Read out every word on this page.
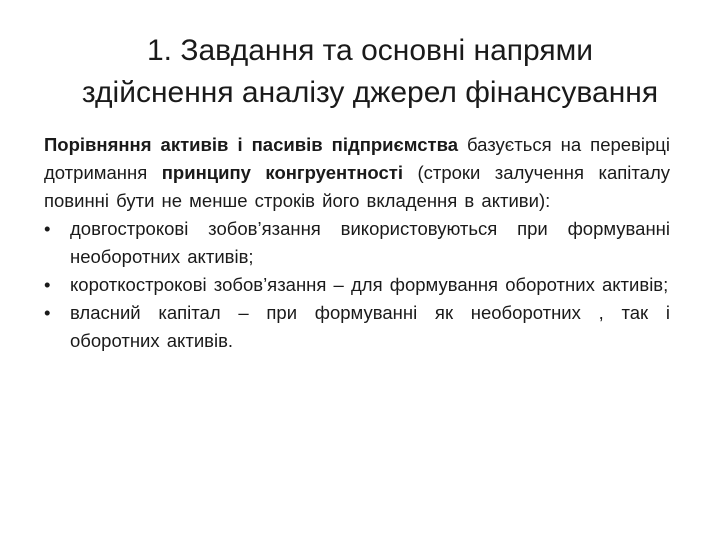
1. Завдання та основні напрями
здійснення аналізу джерел фінансування

Порівняння активів і пасивів підприємства базується на перевірці дотримання принципу конгруентності (строки залучення капіталу повинні бути не менше строків його вкладення в активи):

• довгострокові зобов’язання використовуються при формуванні необоротних активів;
• короткострокові зобов’язання – для формування оборотних активів;
• власний капітал – при формуванні як необоротних , так і оборотних активів.
